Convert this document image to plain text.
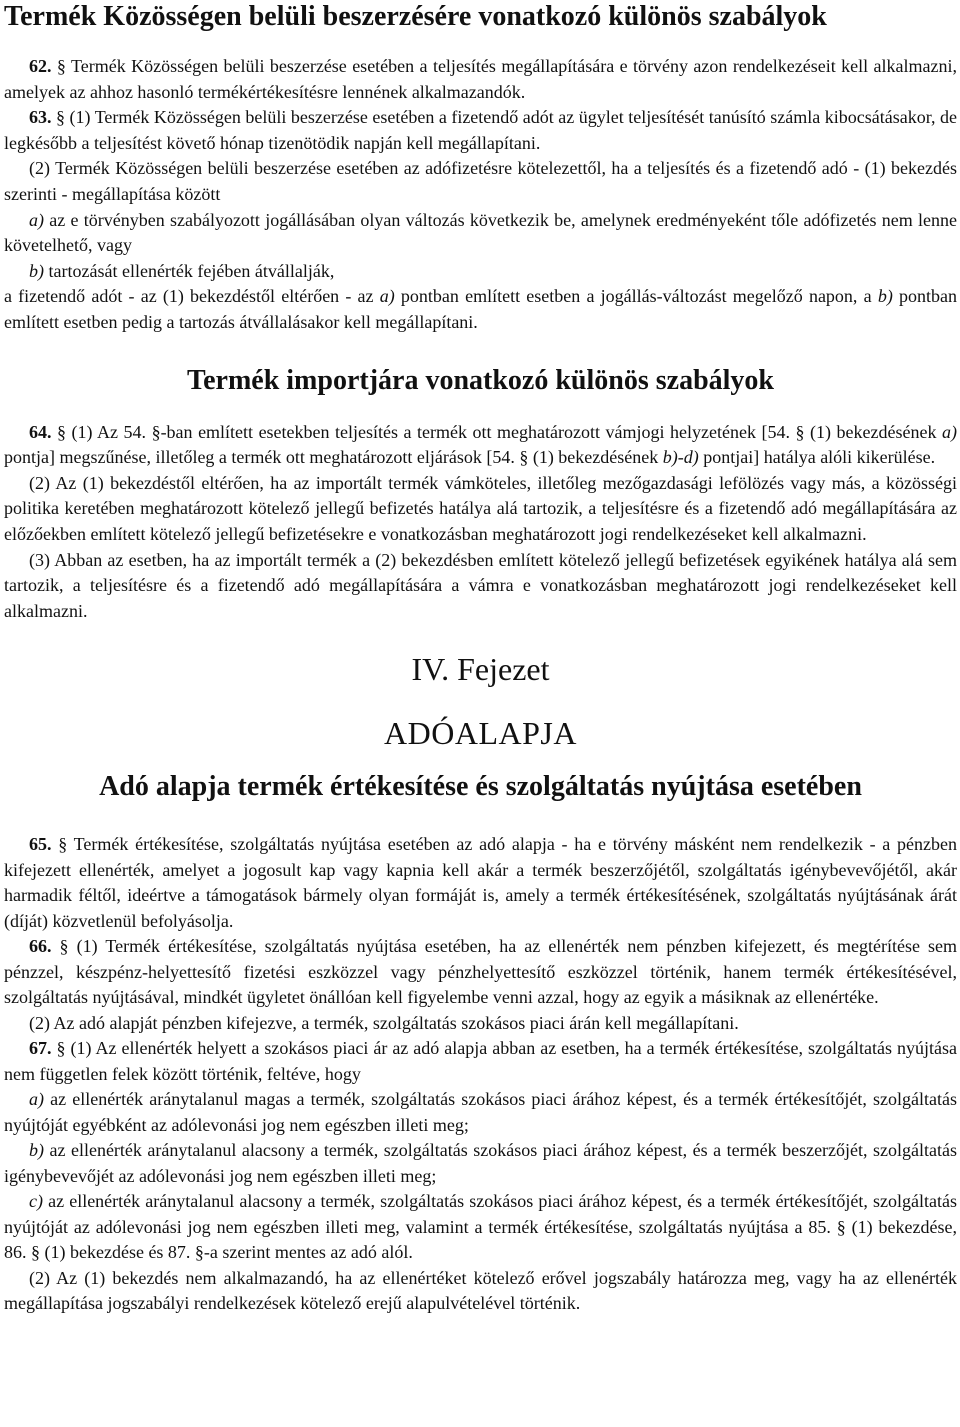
Termék Közösségen belüli beszerzésére vonatkozó különös szabályok

62. § Termék Közösségen belüli beszerzése esetében a teljesítés megállapítására e törvény azon rendelkezéseit kell alkalmazni, amelyek az ahhoz hasonló termékértékesítésre lennének alkalmazandók.

63. § (1) Termék Közösségen belüli beszerzése esetében a fizetendő adót az ügylet teljesítését tanúsító számla kibocsátásakor, de legkésőbb a teljesítést követő hónap tizenötödik napján kell megállapítani.

(2) Termék Közösségen belüli beszerzése esetében az adófizetésre kötelezettől, ha a teljesítés és a fizetendő adó - (1) bekezdés szerinti - megállapítása között

a) az e törvényben szabályozott jogállásában olyan változás következik be, amelynek eredményeként tőle adófizetés nem lenne követelhető, vagy

b) tartozását ellenérték fejében átvállalják,

a fizetendő adót - az (1) bekezdéstől eltérően - az a) pontban említett esetben a jogállás-változást megelőző napon, a b) pontban említett esetben pedig a tartozás átvállalásakor kell megállapítani.

Termék importjára vonatkozó különös szabályok

64. § (1) Az 54. §-ban említett esetekben teljesítés a termék ott meghatározott vámjogi helyzetének [54. § (1) bekezdésének a) pontja] megszűnése, illetőleg a termék ott meghatározott eljárások [54. § (1) bekezdésének b)-d) pontjai] hatálya alóli kikerülése.

(2) Az (1) bekezdéstől eltérően, ha az importált termék vámköteles, illetőleg mezőgazdasági lefölözés vagy más, a közösségi politika keretében meghatározott kötelező jellegű befizetés hatálya alá tartozik, a teljesítésre és a fizetendő adó megállapítására az előzőekben említett kötelező jellegű befizetésekre e vonatkozásban meghatározott jogi rendelkezéseket kell alkalmazni.

(3) Abban az esetben, ha az importált termék a (2) bekezdésben említett kötelező jellegű befizetések egyikének hatálya alá sem tartozik, a teljesítésre és a fizetendő adó megállapítására a vámra e vonatkozásban meghatározott jogi rendelkezéseket kell alkalmazni.

IV. Fejezet
ADÓALAPJA
Adó alapja termék értékesítése és szolgáltatás nyújtása esetében

65. § Termék értékesítése, szolgáltatás nyújtása esetében az adó alapja - ha e törvény másként nem rendelkezik - a pénzben kifejezett ellenérték, amelyet a jogosult kap vagy kapnia kell akár a termék beszerzőjétől, szolgáltatás igénybevevőjétől, akár harmadik féltől, ideértve a támogatások bármely olyan formáját is, amely a termék értékesítésének, szolgáltatás nyújtásának árát (díját) közvetlenül befolyásolja.

66. § (1) Termék értékesítése, szolgáltatás nyújtása esetében, ha az ellenérték nem pénzben kifejezett, és megtérítése sem pénzzel, készpénz-helyettesítő fizetési eszközzel vagy pénzhelyettesítő eszközzel történik, hanem termék értékesítésével, szolgáltatás nyújtásával, mindkét ügyletet önállóan kell figyelembe venni azzal, hogy az egyik a másiknak az ellenértéke.

(2) Az adó alapját pénzben kifejezve, a termék, szolgáltatás szokásos piaci árán kell megállapítani.

67. § (1) Az ellenérték helyett a szokásos piaci ár az adó alapja abban az esetben, ha a termék értékesítése, szolgáltatás nyújtása nem független felek között történik, feltéve, hogy

a) az ellenérték aránytalanul magas a termék, szolgáltatás szokásos piaci árához képest, és a termék értékesítőjét, szolgáltatás nyújtóját egyébként az adólevonási jog nem egészben illeti meg;

b) az ellenérték aránytalanul alacsony a termék, szolgáltatás szokásos piaci árához képest, és a termék beszerzőjét, szolgáltatás igénybevevőjét az adólevonási jog nem egészben illeti meg;

c) az ellenérték aránytalanul alacsony a termék, szolgáltatás szokásos piaci árához képest, és a termék értékesítőjét, szolgáltatás nyújtóját az adólevonási jog nem egészben illeti meg, valamint a termék értékesítése, szolgáltatás nyújtása a 85. § (1) bekezdése, 86. § (1) bekezdése és 87. §-a szerint mentes az adó alól.

(2) Az (1) bekezdés nem alkalmazandó, ha az ellenértéket kötelező erővel jogszabály határozza meg, vagy ha az ellenérték megállapítása jogszabályi rendelkezések kötelező erejű alapulvételével történik.
